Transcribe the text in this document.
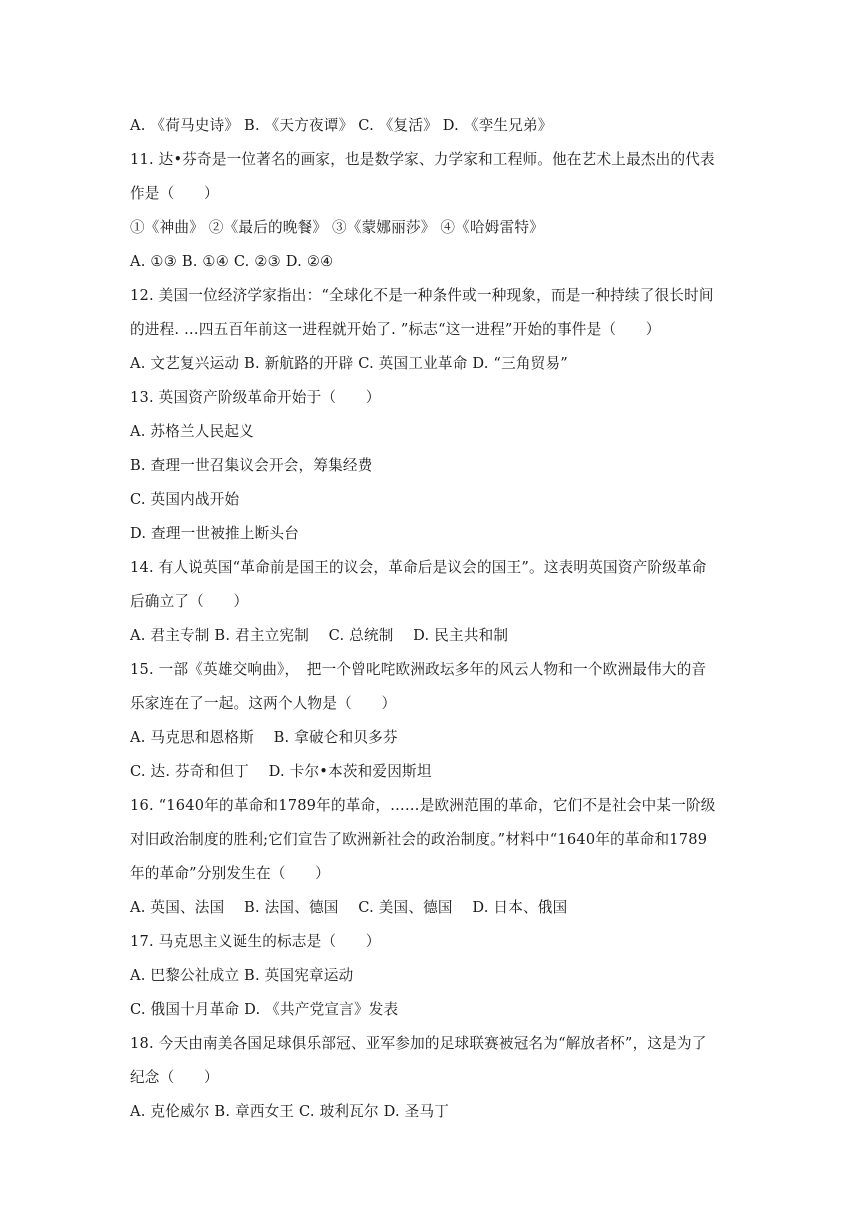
A. 《荷马史诗》 B. 《天方夜谭》 C. 《复活》 D. 《孪生兄弟》
11. 达•芬奇是一位著名的画家，也是数学家、力学家和工程师。他在艺术上最杰出的代表
作是（　　）
①《神曲》 ②《最后的晚餐》 ③《蒙娜丽莎》 ④《哈姆雷特》
A. ①③ B. ①④ C. ②③ D. ②④
12. 美国一位经济学家指出：“全球化不是一种条件或一种现象，而是一种持续了很长时间
的进程. …四五百年前这一进程就开始了. ”标志“这一进程”开始的事件是（　　）
A. 文艺复兴运动 B. 新航路的开辟 C. 英国工业革命 D. “三角贸易”
13. 英国资产阶级革命开始于（　　）
A. 苏格兰人民起义
B. 查理一世召集议会开会，筹集经费
C. 英国内战开始
D. 查理一世被推上断头台
14. 有人说英国“革命前是国王的议会，革命后是议会的国王”。这表明英国资产阶级革命
后确立了（　　）
A. 君主专制 B. 君主立宪制　 C. 总统制　 D. 民主共和制
15. 一部《英雄交响曲》，　把一个曾叱咤欧洲政坛多年的风云人物和一个欧洲最伟大的音
乐家连在了一起。这两个人物是（　　）
A. 马克思和恩格斯　 B. 拿破仑和贝多芬
C. 达. 芬奇和但丁　 D. 卡尔•本茨和爱因斯坦
16. “1640年的革命和1789年的革命，……是欧洲范围的革命，它们不是社会中某一阶级
对旧政治制度的胜利;它们宣告了欧洲新社会的政治制度。”材料中“1640年的革命和1789
年的革命”分别发生在（　　）
A. 英国、法国　 B. 法国、德国　 C. 美国、德国　 D. 日本、俄国
17. 马克思主义诞生的标志是（　　）
A. 巴黎公社成立 B. 英国宪章运动
C. 俄国十月革命 D. 《共产党宣言》发表
18. 今天由南美各国足球俱乐部冠、亚军参加的足球联赛被冠名为“解放者杯”，这是为了
纪念（　　）
A. 克伦威尔 B. 章西女王 C. 玻利瓦尔 D. 圣马丁
